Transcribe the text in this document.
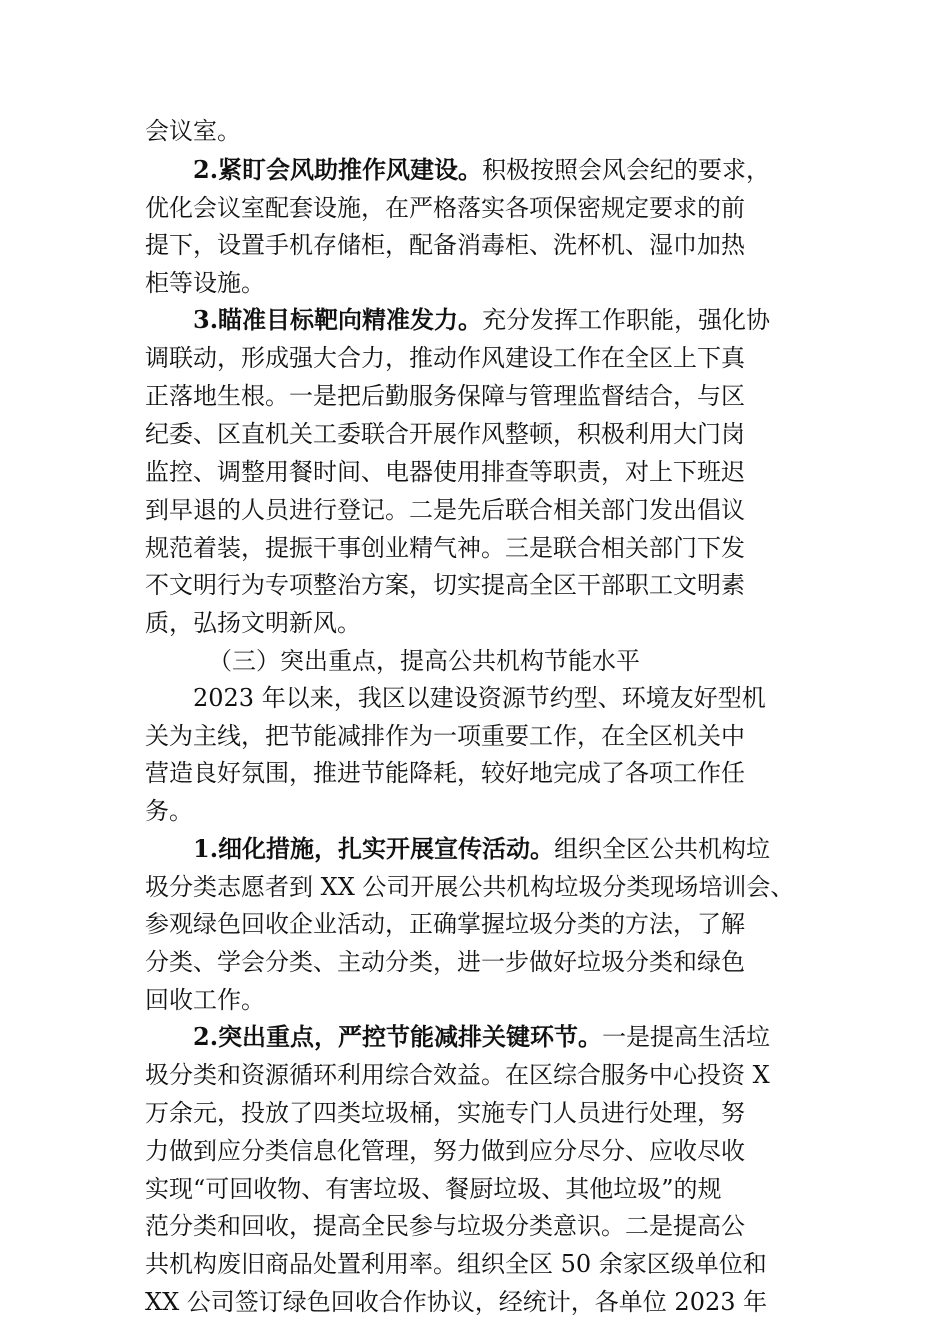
会议室。
2.紧盯会风助推作风建设。积极按照会风会纪的要求，
优化会议室配套设施，在严格落实各项保密规定要求的前
提下，设置手机存储柜，配备消毒柜、洗杯机、湿巾加热
柜等设施。
3.瞄准目标靶向精准发力。充分发挥工作职能，强化协
调联动，形成强大合力，推动作风建设工作在全区上下真
正落地生根。一是把后勤服务保障与管理监督结合，与区
纪委、区直机关工委联合开展作风整顿，积极利用大门岗
监控、调整用餐时间、电器使用排查等职责，对上下班迟
到早退的人员进行登记。二是先后联合相关部门发出倡议
规范着装，提振干事创业精气神。三是联合相关部门下发
不文明行为专项整治方案，切实提高全区干部职工文明素
质，弘扬文明新风。
（三）突出重点，提高公共机构节能水平
2023 年以来，我区以建设资源节约型、环境友好型机
关为主线，把节能减排作为一项重要工作，在全区机关中
营造良好氛围，推进节能降耗，较好地完成了各项工作任
务。
1.细化措施，扎实开展宣传活动。组织全区公共机构垃
圾分类志愿者到 XX 公司开展公共机构垃圾分类现场培训会、
参观绿色回收企业活动，正确掌握垃圾分类的方法，了解
分类、学会分类、主动分类，进一步做好垃圾分类和绿色
回收工作。
2.突出重点，严控节能减排关键环节。一是提高生活垃
圾分类和资源循环利用综合效益。在区综合服务中心投资 X
万余元，投放了四类垃圾桶，实施专门人员进行处理，努
力做到应分类信息化管理，努力做到应分尽分、应收尽收
实现“可回收物、有害垃圾、餐厨垃圾、其他垃圾”的规
范分类和回收，提高全民参与垃圾分类意识。二是提高公
共机构废旧商品处置利用率。组织全区 50 余家区级单位和
XX 公司签订绿色回收合作协议，经统计，各单位 2023 年
